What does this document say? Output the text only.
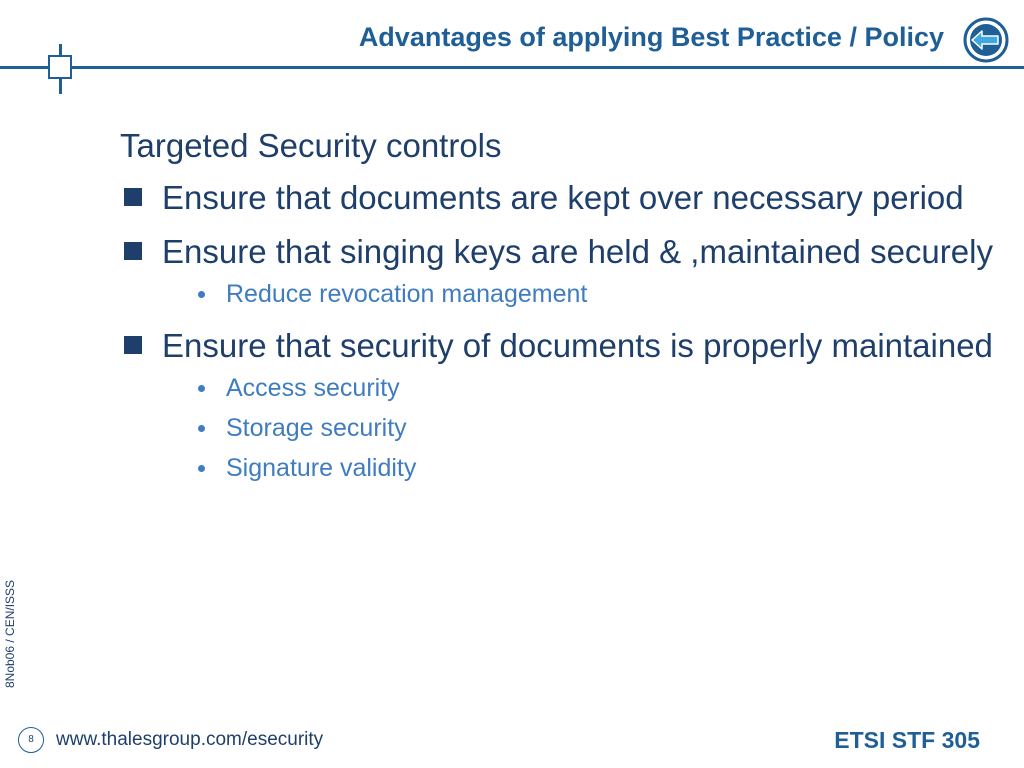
Advantages of applying Best Practice / Policy
Targeted Security controls
Ensure that documents are kept over necessary period
Ensure that singing keys are held & ,maintained securely
Reduce revocation management
Ensure that security of documents is properly maintained
Access security
Storage security
Signature validity
8Nob06 / CEN/ISSS
8	www.thalesgroup.com/esecurity	ETSI STF 305
